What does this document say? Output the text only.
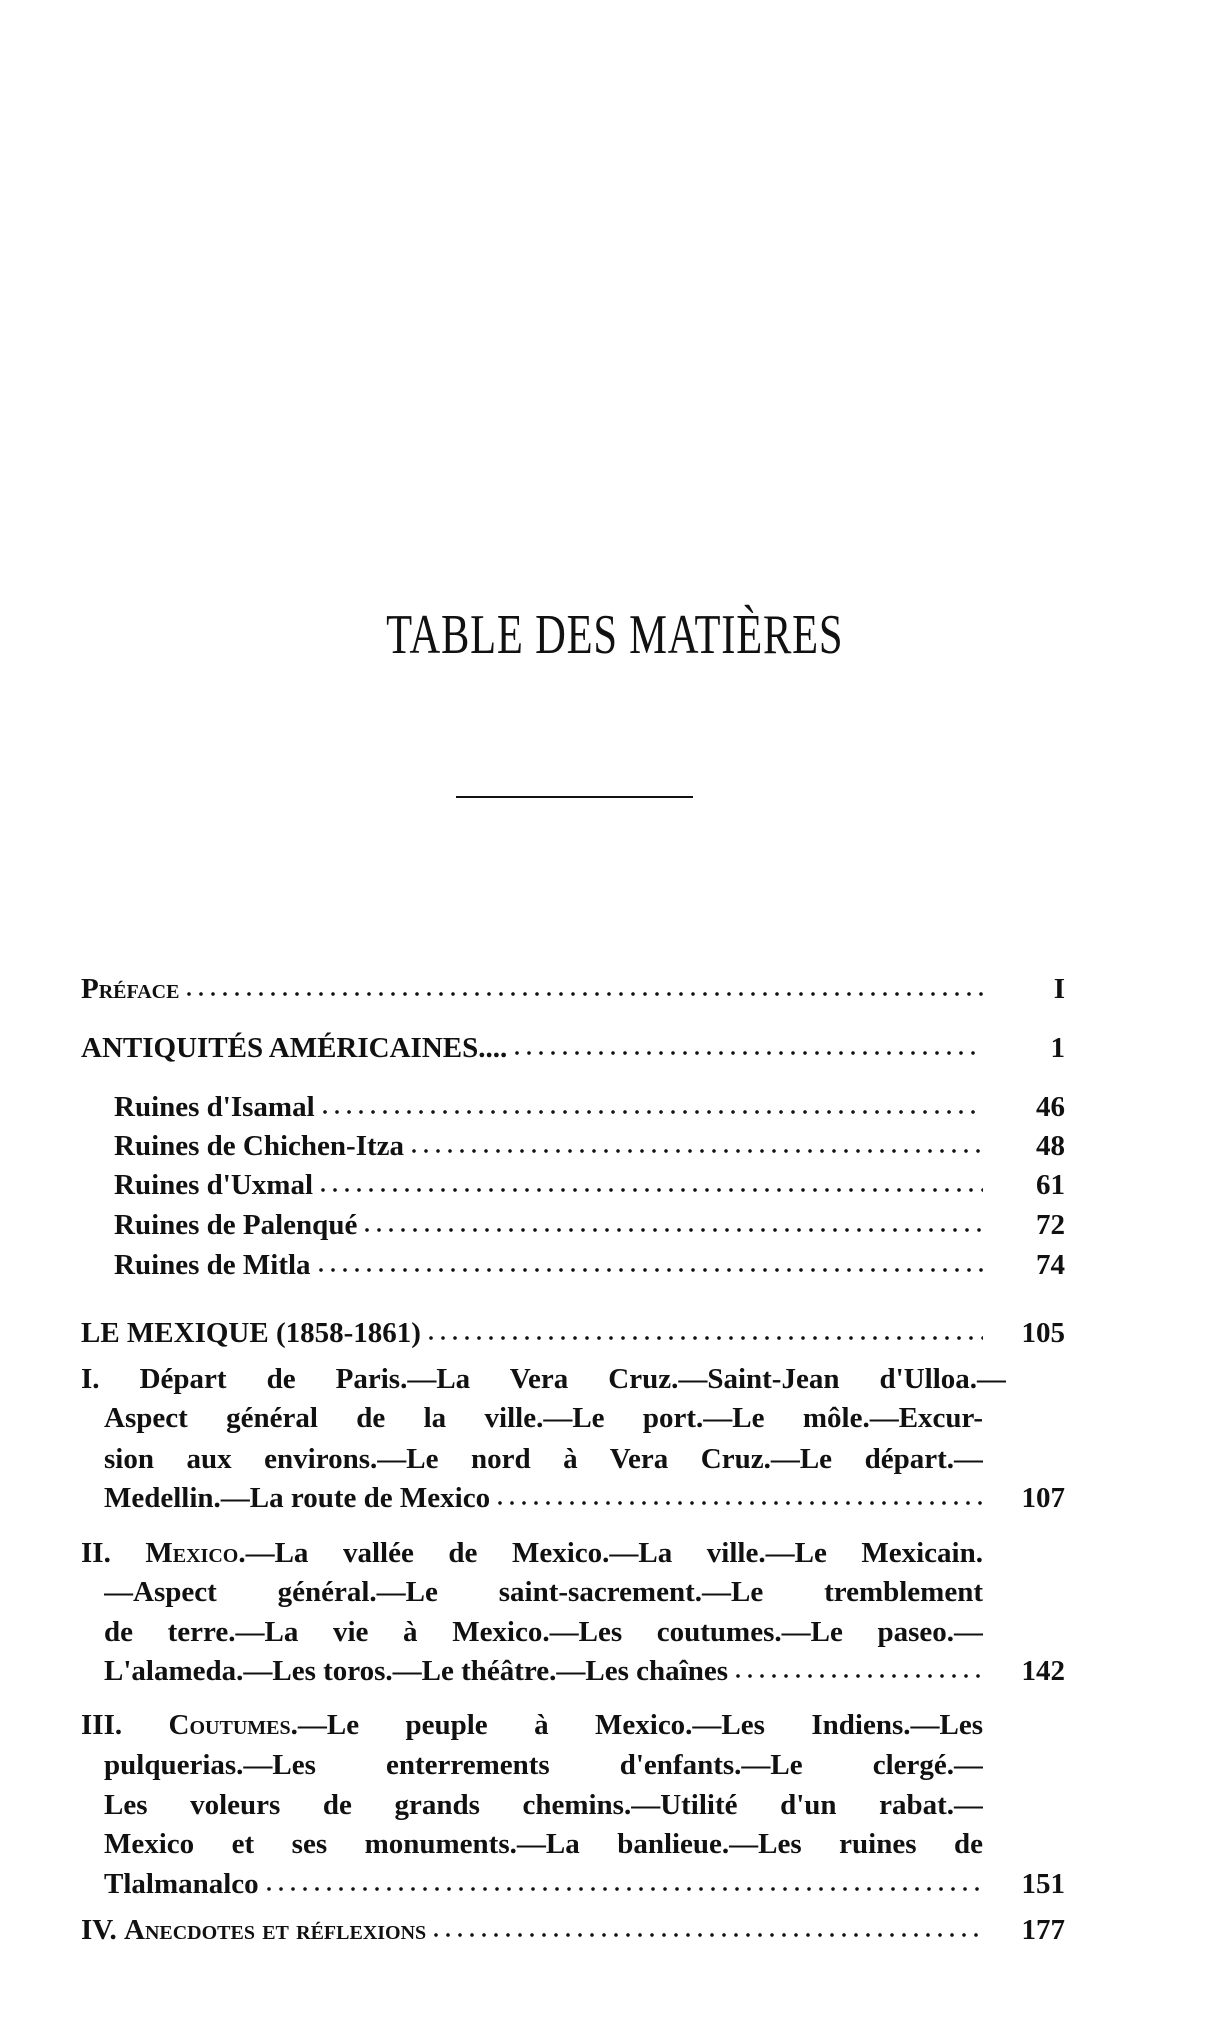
TABLE DES MATIÈRES
Préface	I
ANTIQUITÉS AMÉRICAINES....	1
Ruines d'Isamal	46
Ruines de Chichen-Itza	48
Ruines d'Uxmal	61
Ruines de Palenqué	72
Ruines de Mitla	74
LE MEXIQUE (1858-1861)	105
I. Départ de Paris.—La Vera Cruz.—Saint-Jean d'Ulloa.—
Aspect général de la ville.—Le port.—Le môle.—Excur-
sion aux environs.—Le nord à Vera Cruz.—Le départ.—
Medellin.—La route de Mexico	107
II. Mexico.—La vallée de Mexico.—La ville.—Le Mexicain.
—Aspect général.—Le saint-sacrement.—Le tremblement
de terre.—La vie à Mexico.—Les coutumes.—Le paseo.—
L'alameda.—Les toros.—Le théâtre.—Les chaînes	142
III. Coutumes.—Le peuple à Mexico.—Les Indiens.—Les
pulquerias.—Les enterrements d'enfants.—Le clergé.—
Les voleurs de grands chemins.—Utilité d'un rabat.—
Mexico et ses monuments.—La banlieue.—Les ruines de
Tlalmanalco	151
IV. Anecdotes et réflexions	177
